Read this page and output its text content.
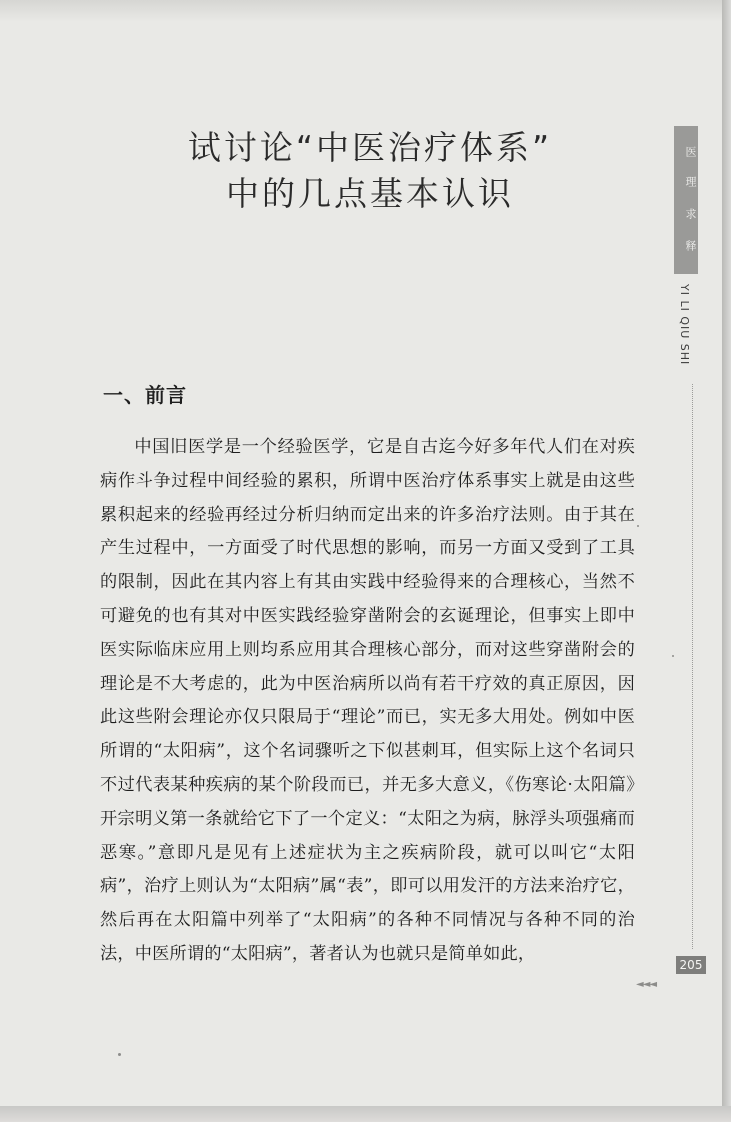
试讨论“中医治疗体系”
中的几点基本认识
一、前言

中国旧医学是一个经验医学，它是自古迄今好多年代人们在对疾病作斗争过程中间经验的累积，所谓中医治疗体系事实上就是由这些累积起来的经验再经过分析归纳而定出来的许多治疗法则。由于其在产生过程中，一方面受了时代思想的影响，而另一方面又受到了工具的限制，因此在其内容上有其由实践中经验得来的合理核心，当然不可避免的也有其对中医实践经验穿凿附会的玄诞理论，但事实上即中医实际临床应用上则均系应用其合理核心部分，而对这些穿凿附会的理论是不大考虑的，此为中医治病所以尚有若干疗效的真正原因，因此这些附会理论亦仅只限局于“理论”而已，实无多大用处。例如中医所谓的“太阳病”，这个名词骤听之下似甚刺耳，但实际上这个名词只不过代表某种疾病的某个阶段而已，并无多大意义，《伤寒论·太阳篇》开宗明义第一条就给它下了一个定义：“太阳之为病，脉浮头项强痛而恶寒。”意即凡是见有上述症状为主之疾病阶段，就可以叫它“太阳病”，治疗上则认为“太阳病”属“表”，即可以用发汗的方法来治疗它，然后再在太阳篇中列举了“太阳病”的各种不同情况与各种不同的治法，中医所谓的“太阳病”，著者认为也就只是简单如此，

医
理
求
释
YI LI QIU SHI
205
◄◄◄
